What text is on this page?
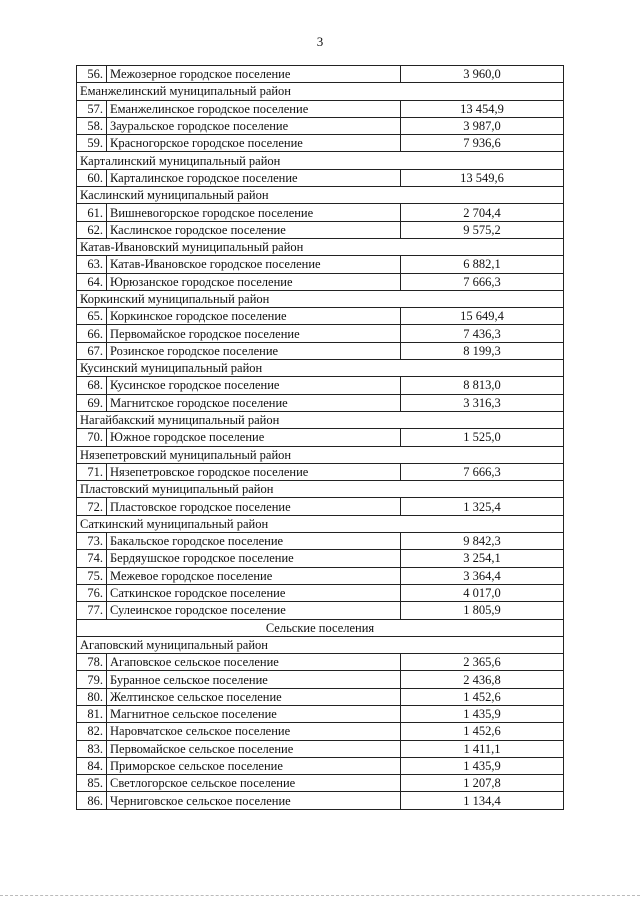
3
56.	Межозерное городское поселение	3 960,0
Еманжелинский муниципальный район		
57.	Еманжелинское городское поселение	13 454,9
58.	Зауральское городское поселение	3 987,0
59.	Красногорское городское поселение	7 936,6
Карталинский муниципальный район		
60.	Карталинское городское поселение	13 549,6
Каслинский муниципальный район		
61.	Вишневогорское городское поселение	2 704,4
62.	Каслинское городское поселение	9 575,2
Катав-Ивановский муниципальный район		
63.	Катав-Ивановское городское поселение	6 882,1
64.	Юрюзанское городское поселение	7 666,3
Коркинский муниципальный район		
65.	Коркинское городское поселение	15 649,4
66.	Первомайское городское поселение	7 436,3
67.	Розинское городское поселение	8 199,3
Кусинский муниципальный район		
68.	Кусинское городское поселение	8 813,0
69.	Магнитское городское поселение	3 316,3
Нагайбакский муниципальный район		
70.	Южное городское поселение	1 525,0
Нязепетровский муниципальный район		
71.	Нязепетровское городское поселение	7 666,3
Пластовский муниципальный район		
72.	Пластовское городское поселение	1 325,4
Саткинский муниципальный район		
73.	Бакальское городское поселение	9 842,3
74.	Бердяушское городское поселение	3 254,1
75.	Межевое городское поселение	3 364,4
76.	Саткинское городское поселение	4 017,0
77.	Сулеинское городское поселение	1 805,9
Сельские поселения		
Агаповский муниципальный район		
78.	Агаповское сельское поселение	2 365,6
79.	Буранное сельское поселение	2 436,8
80.	Желтинское сельское поселение	1 452,6
81.	Магнитное сельское поселение	1 435,9
82.	Наровчатское сельское поселение	1 452,6
83.	Первомайское сельское поселение	1 411,1
84.	Приморское сельское поселение	1 435,9
85.	Светлогорское сельское поселение	1 207,8
86.	Черниговское сельское поселение	1 134,4
